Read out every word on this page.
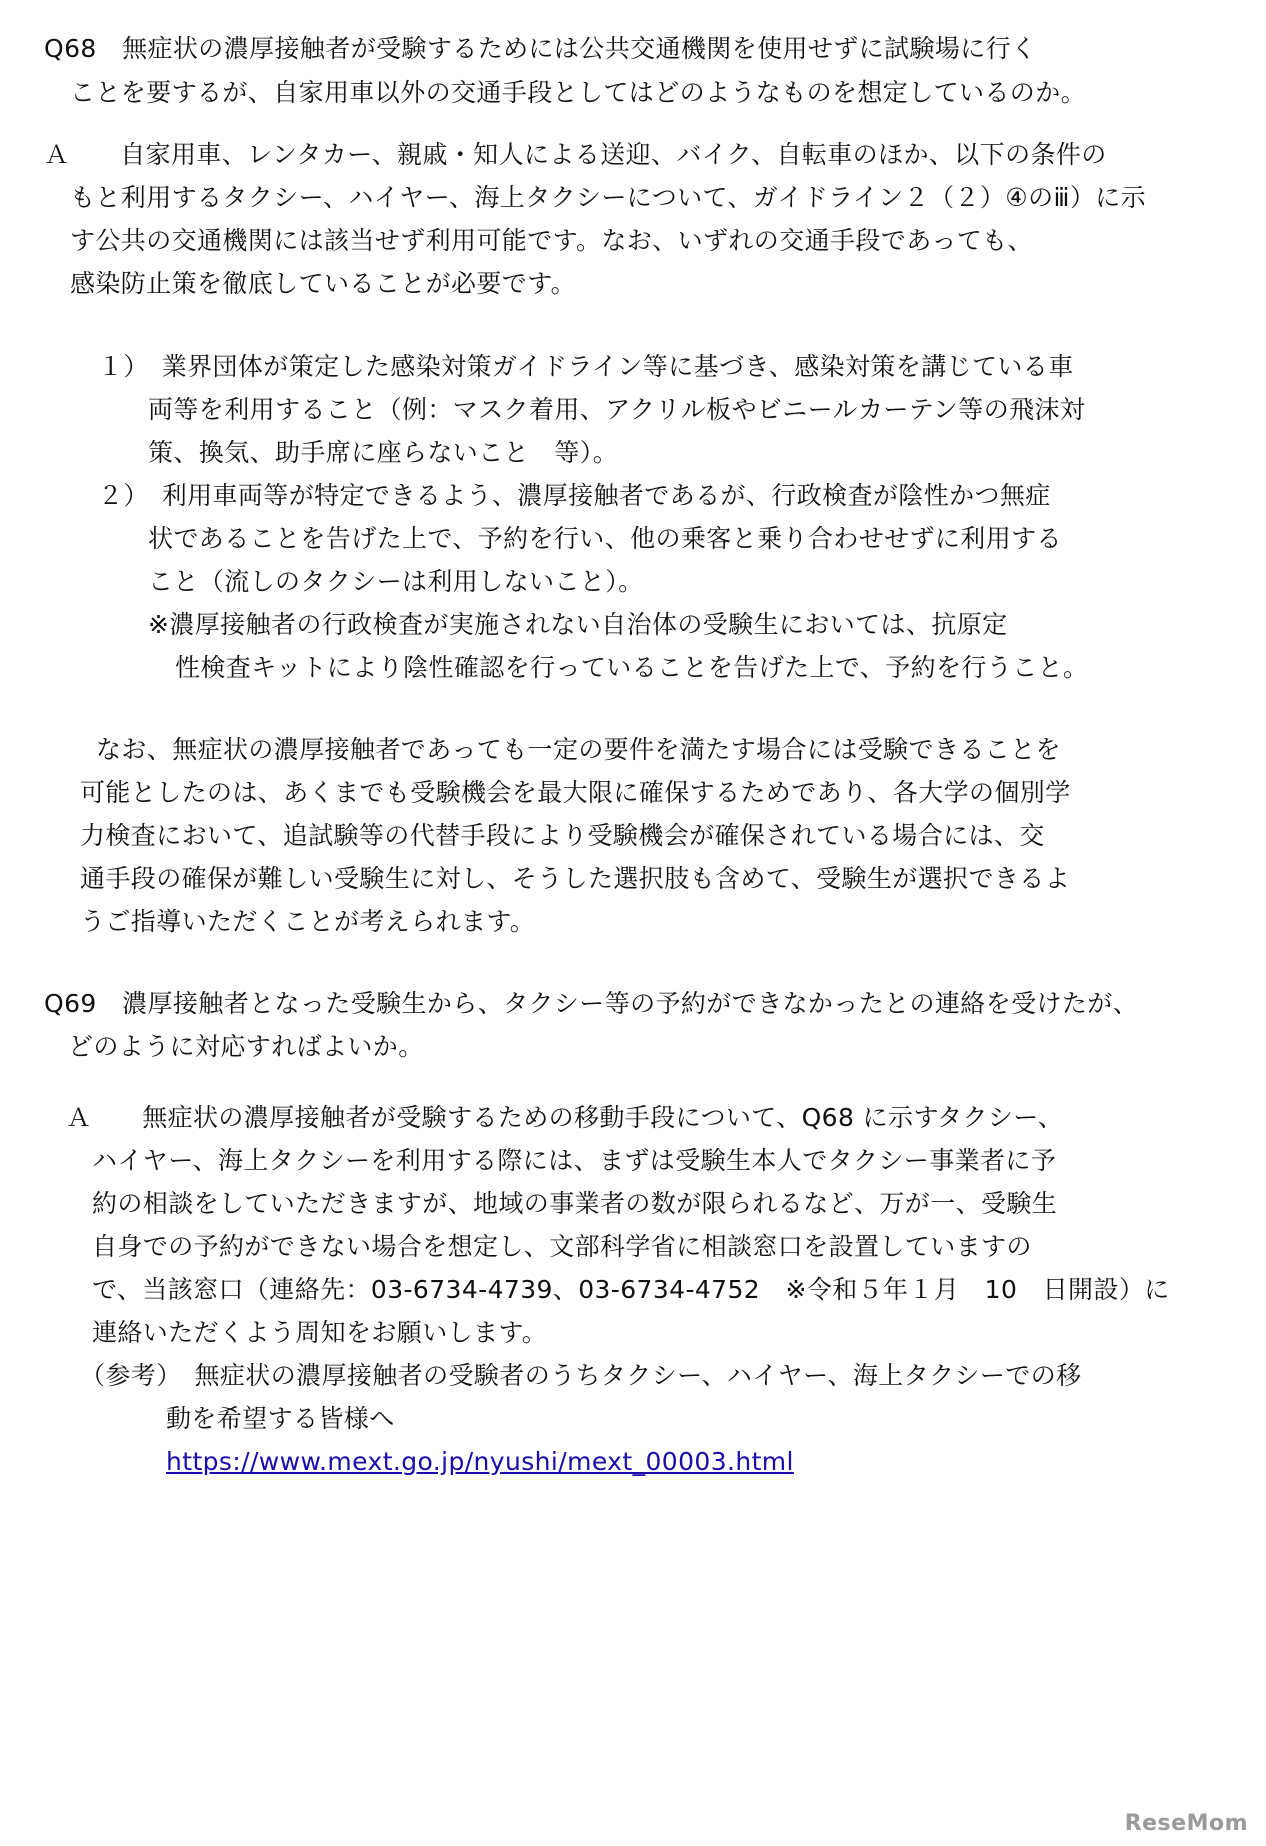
Q68　無症状の濃厚接触者が受験するためには公共交通機関を使用せずに試験場に行く
ことを要するが、自家用車以外の交通手段としてはどのようなものを想定しているのか。
Ａ　　自家用車、レンタカー、親戚・知人による送迎、バイク、自転車のほか、以下の条件の
もと利用するタクシー、ハイヤー、海上タクシーについて、ガイドライン２（２）④のⅲ）に示
す公共の交通機関には該当せず利用可能です。なお、いずれの交通手段であっても、
感染防止策を徹底していることが必要です。
１）　業界団体が策定した感染対策ガイドライン等に基づき、感染対策を講じている車
両等を利用すること（例：マスク着用、アクリル板やビニールカーテン等の飛沫対
策、換気、助手席に座らないこと　等）。
２）　利用車両等が特定できるよう、濃厚接触者であるが、行政検査が陰性かつ無症
状であることを告げた上で、予約を行い、他の乗客と乗り合わせせずに利用する
こと（流しのタクシーは利用しないこと）。
※濃厚接触者の行政検査が実施されない自治体の受験生においては、抗原定
性検査キットにより陰性確認を行っていることを告げた上で、予約を行うこと。
なお、無症状の濃厚接触者であっても一定の要件を満たす場合には受験できることを
可能としたのは、あくまでも受験機会を最大限に確保するためであり、各大学の個別学
力検査において、追試験等の代替手段により受験機会が確保されている場合には、交
通手段の確保が難しい受験生に対し、そうした選択肢も含めて、受験生が選択できるよ
うご指導いただくことが考えられます。
Q69　濃厚接触者となった受験生から、タクシー等の予約ができなかったとの連絡を受けたが、
どのように対応すればよいか。
Ａ　　無症状の濃厚接触者が受験するための移動手段について、Q68 に示すタクシー、
ハイヤー、海上タクシーを利用する際には、まずは受験生本人でタクシー事業者に予
約の相談をしていただきますが、地域の事業者の数が限られるなど、万が一、受験生
自身での予約ができない場合を想定し、文部科学省に相談窓口を設置していますの
で、当該窓口（連絡先：03-6734-4739、03-6734-4752　※令和５年１月　10　日開設）に
連絡いただくよう周知をお願いします。
（参考）　無症状の濃厚接触者の受験者のうちタクシー、ハイヤー、海上タクシーでの移
動を希望する皆様へ
https://www.mext.go.jp/nyushi/mext_00003.html
ReseMom
